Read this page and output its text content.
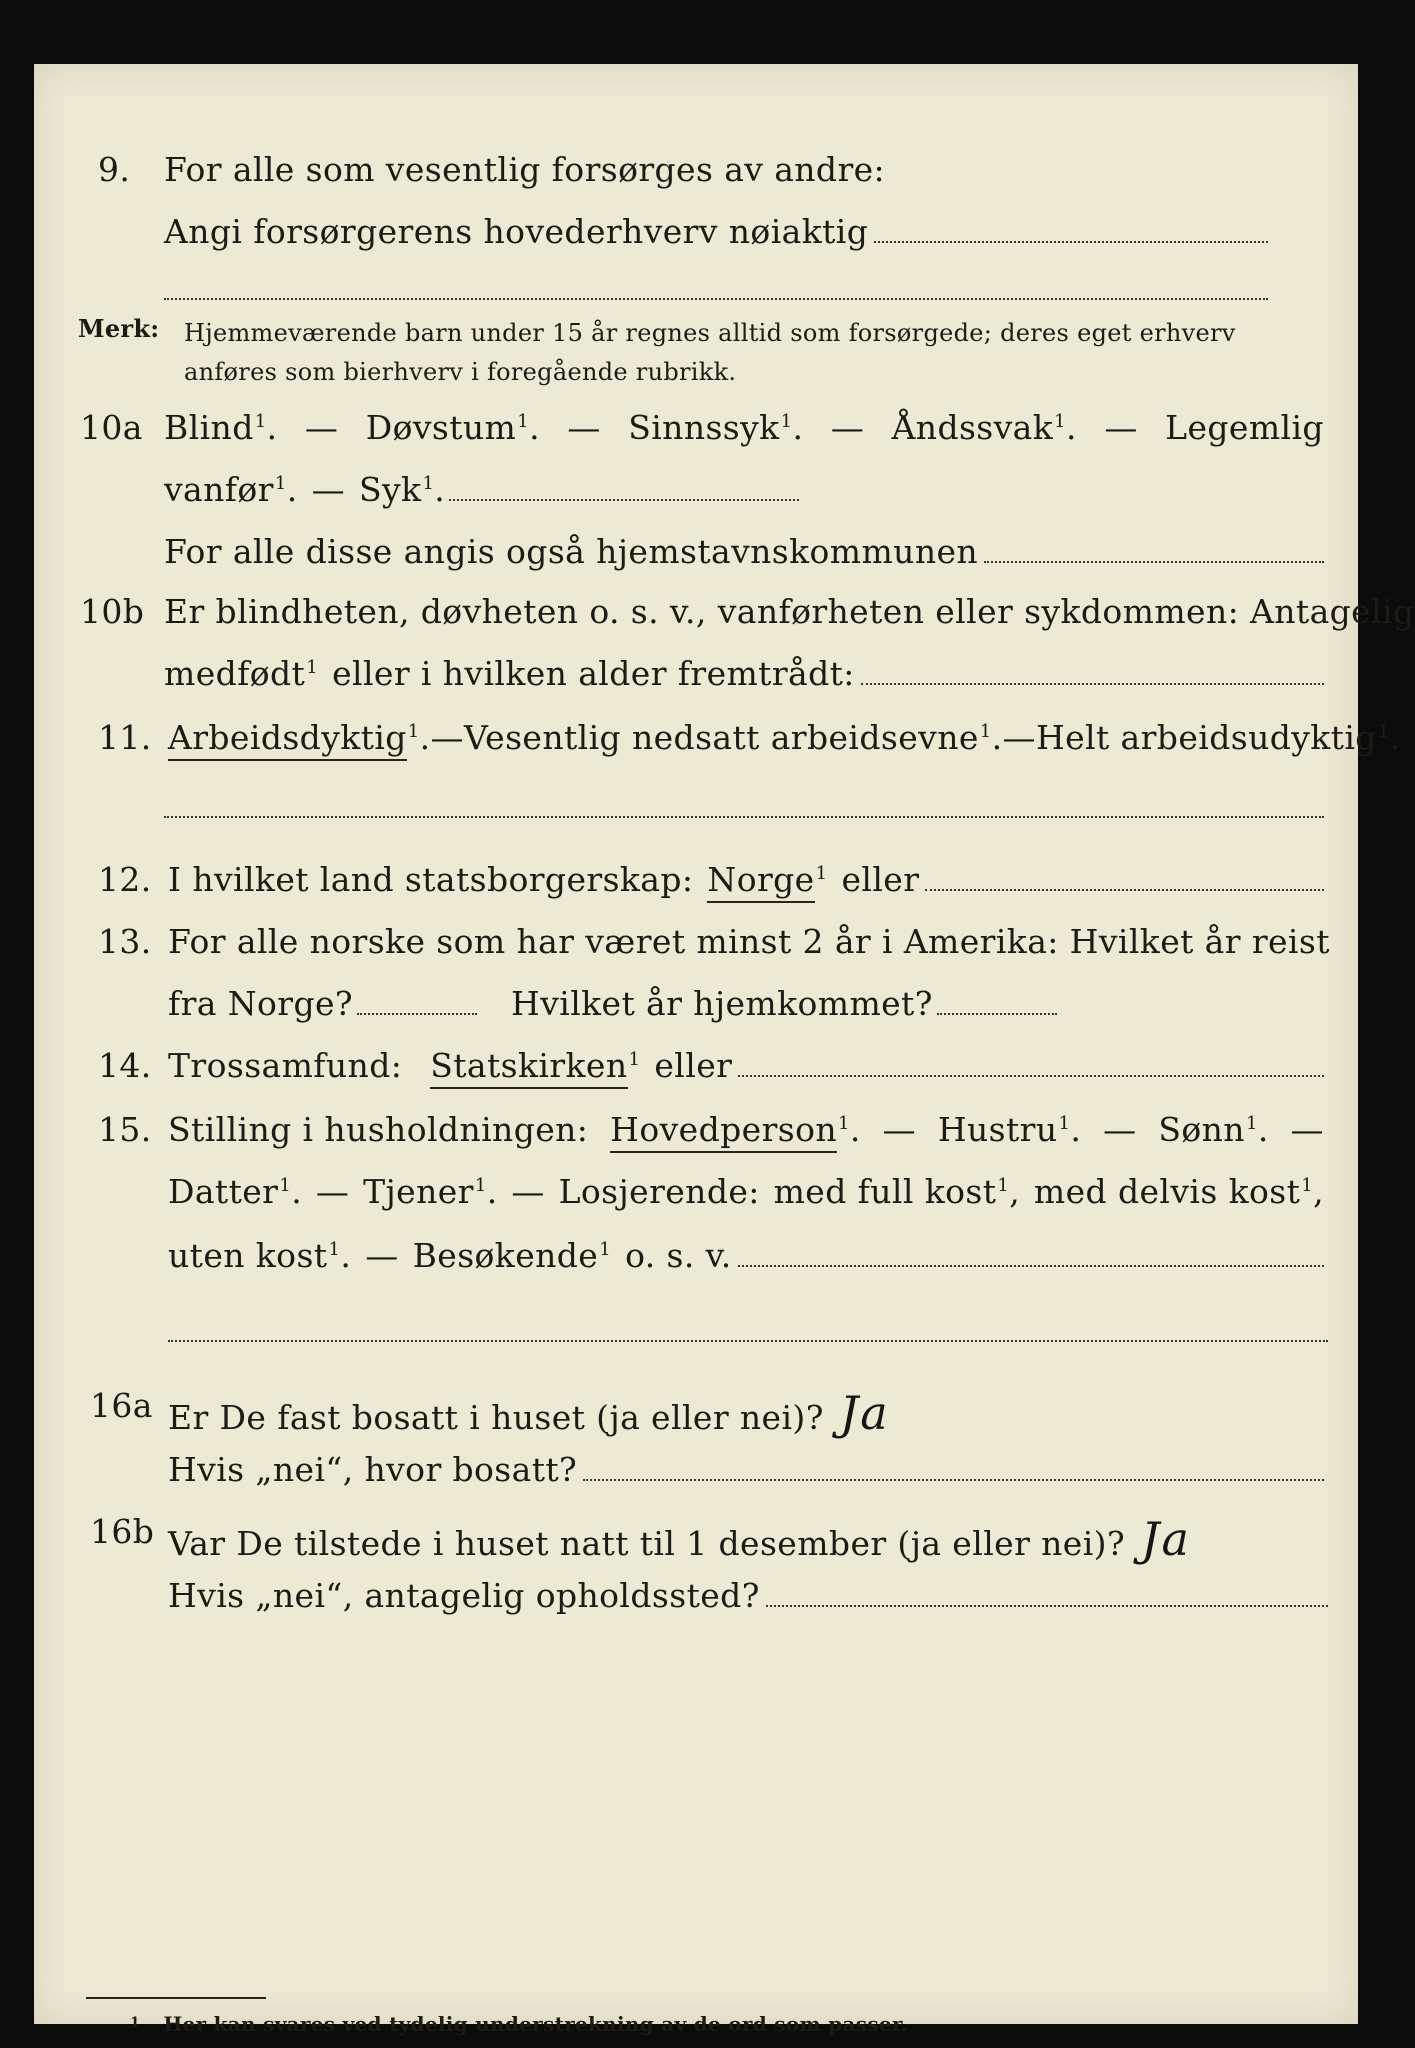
9. For alle som vesentlig forsørges av andre:
Angi forsørgerens hovederhverv nøiaktig
Merk: Hjemmeværende barn under 15 år regnes alltid som forsørgede; deres eget erhverv anføres som bierhverv i foregående rubrikk.
10a Blind$^1$. — Døvstum$^1$. — Sinnssyk$^1$. — Åndssvak$^1$. — Legemlig
vanfør$^1$. — Syk$^1$.
For alle disse angis også hjemstavnskommunen
10b Er blindheten, døvheten o. s. v., vanførheten eller sykdommen: Antagelig
medfødt$^1$ eller i hvilken alder fremtrådt:
11. Arbeidsdyktig$^1$. — Vesentlig nedsatt arbeidsevne$^1$. — Helt arbeidsudyktig$^1$.
12. I hvilket land statsborgerskap: Norge$^1$ eller
13. For alle norske som har været minst 2 år i Amerika: Hvilket år reist
fra Norge?	Hvilket år hjemkommet?
14. Trossamfund: Statskirken$^1$ eller
15. Stilling i husholdningen: Hovedperson$^1$. — Hustru$^1$. — Sønn$^1$. —
Datter$^1$. — Tjener$^1$. — Losjerende: med full kost$^1$, med delvis kost$^1$,
uten kost$^1$. — Besøkende$^1$ o. s. v.
16a Er De fast bosatt i huset (ja eller nei)? Ja
Hvis „nei“, hvor bosatt?
16b Var De tilstede i huset natt til 1 desember (ja eller nei)? Ja
Hvis „nei“, antagelig opholdssted?
$^1$ Her kan svares ved tydelig understrekning av de ord som passer.
